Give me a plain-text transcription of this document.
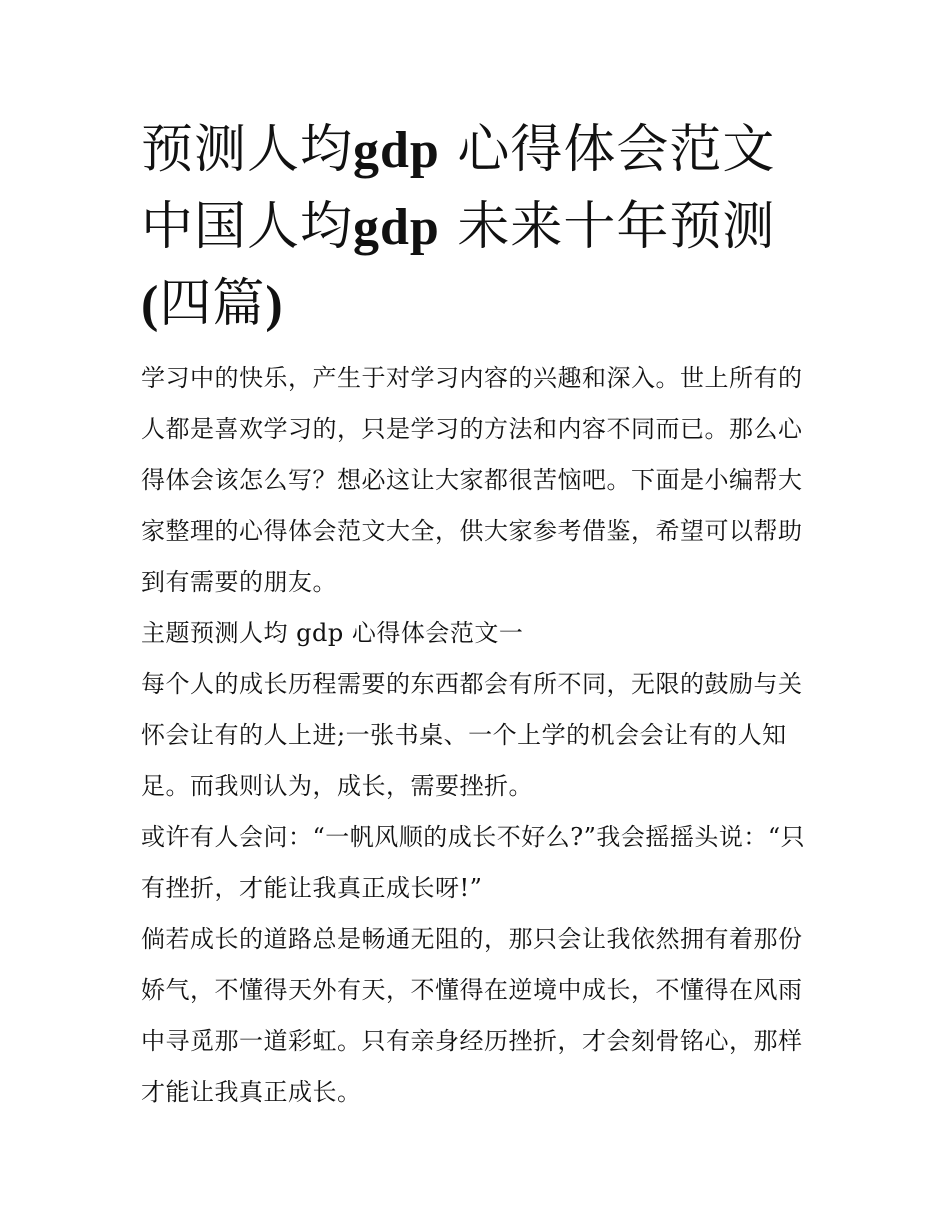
预测人均gdp 心得体会范文 中国人均gdp 未来十年预测(四篇)

学习中的快乐，产生于对学习内容的兴趣和深入。世上所有的人都是喜欢学习的，只是学习的方法和内容不同而已。那么心得体会该怎么写？想必这让大家都很苦恼吧。下面是小编帮大家整理的心得体会范文大全，供大家参考借鉴，希望可以帮助到有需要的朋友。

主题预测人均 gdp 心得体会范文一

每个人的成长历程需要的东西都会有所不同，无限的鼓励与关怀会让有的人上进;一张书桌、一个上学的机会会让有的人知足。而我则认为，成长，需要挫折。

或许有人会问：“一帆风顺的成长不好么?”我会摇摇头说：“只有挫折，才能让我真正成长呀!”

倘若成长的道路总是畅通无阻的，那只会让我依然拥有着那份娇气，不懂得天外有天，不懂得在逆境中成长，不懂得在风雨中寻觅那一道彩虹。只有亲身经历挫折，才会刻骨铭心，那样才能让我真正成长。
